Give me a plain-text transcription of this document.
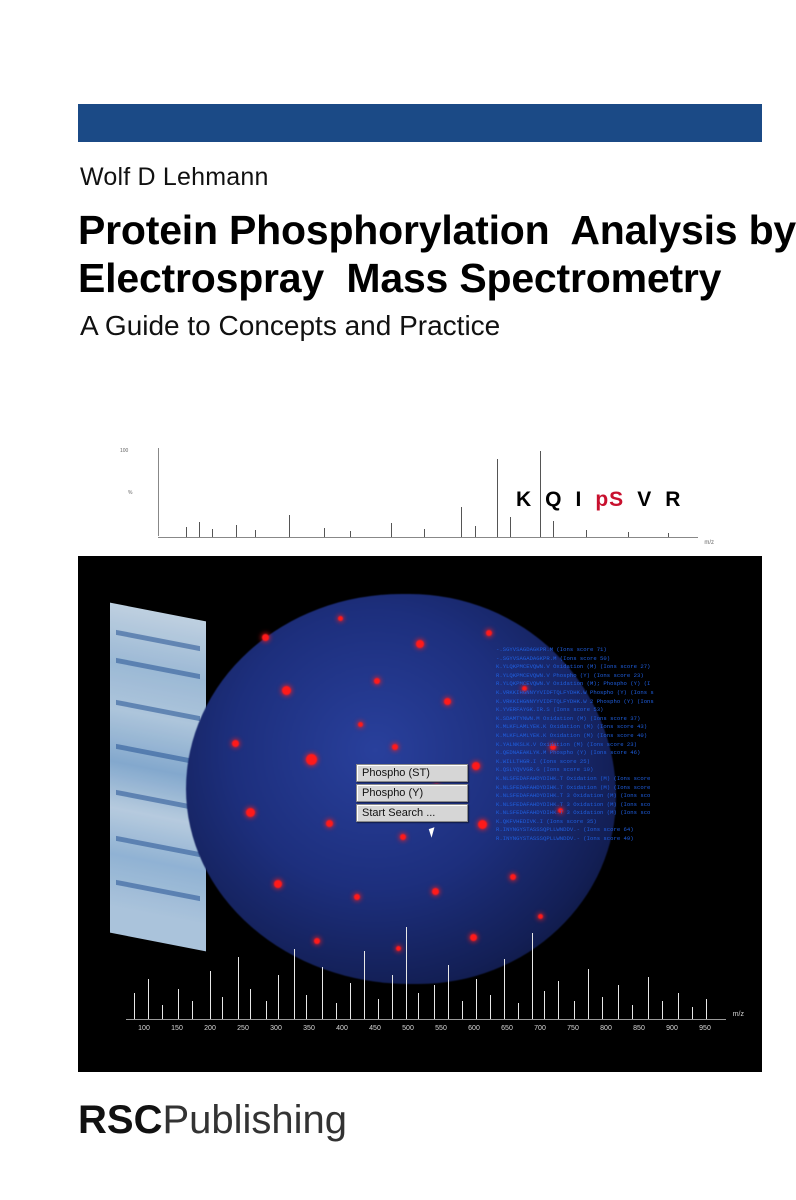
Wolf D Lehmann
Protein Phosphorylation  Analysis by
Electrospray  Mass Spectrometry
A Guide to Concepts and Practice
100
%
m/z
K Q I pS V R
Phospho (ST)
Phospho (Y)
Start Search ...
-.SGYVSAGDAGKPR.M (Ions score 71)
-.SGYVSAGADAGKPR.M (Ions score 50)
K.YLQKPMCEVQWN.V Oxidation (M) (Ions score 27)
R.YLQKPMCEVQWN.V Phospho (Y) (Ions score 23)
R.YLQKPMCEVQWN.V Oxidation (M); Phospho (Y) (I
K.VRKKIHGNNYYVIDFTQLFYDHK.W Phospho (Y) (Ions s
K.VRKKIHGNNYYVIDFTQLFYDHK.W 2 Phospho (Y) (Ions
K.YVERFAYGK.IR.S (Ions score 53)
K.SDAMTYNWN.M Oxidation (M) (Ions score 37)
K.MLKFLAMLYEK.K Oxidation (M) (Ions score 43)
K.MLKFLAMLYEK.K Oxidation (M) (Ions score 40)
K.YALNKSLK.V Oxidation (M) (Ions score 23)
K.QEDNAEAKLYK.M Phospho (Y) (Ions score 46)
K.WILLTHGR.I (Ions score 25)
K.QSLYQVVGR.G (Ions score 19)
K.NLSFEDAFAHDYDIHK.T Oxidation (M) (Ions score
K.NLSFEDAFAHDYDIHK.T Oxidation (M) (Ions score
K.NLSFEDAFAHDYDIHK.T 3 Oxidation (M) (Ions sco
K.NLSFEDAFAHDYDIHK.T 3 Oxidation (M) (Ions sco
K.NLSFEDAFAHDYDIHK.T 3 Oxidation (M) (Ions sco
K.QKFVHEDIVK.I (Ions score 35)
R.INYNGYSTASSSQPLLWNDDV.- (Ions score 64)
R.INYNGYSTASSSQPLLWNDDV.- (Ions score 49)
100	150	200	250	300	350	400	450	500	550	600	650	700	750	800	850	900	950
m/z
RSCPublishing
